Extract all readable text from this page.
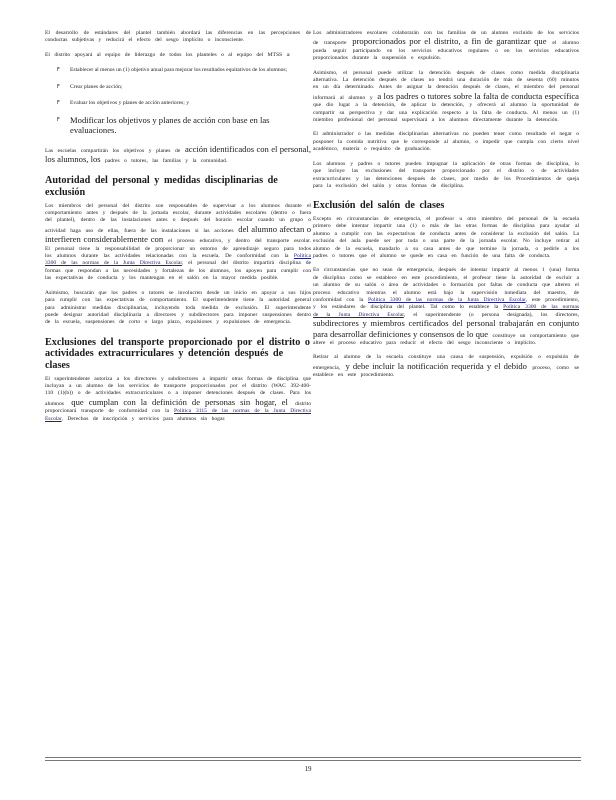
El desarrollo de estándares del plantel también abordará las diferencias en las percepciones de conductas subjetivas y reducirá el efecto del sesgo implícito o inconsciente.

El distrito apoyará al equipo de liderazgo de todos los planteles o al equipo del MTSS a:

F Establecer al menos un (1) objetivo anual para mejorar los resultados equitativos de los alumnos;
F Crear planes de acción;
F Evaluar los objetivos y planes de acción anteriores; y
F Modificar los objetivos y planes de acción con base en las evaluaciones.

Las escuelas compartirán los objetivos y planes de acción identificados con el personal, los alumnos, los padres o tutores, las familias y la comunidad.

Autoridad del personal y medidas disciplinarias de exclusión

Los miembros del personal del distrito son responsables de supervisar a los alumnos durante el comportamiento antes y después de la jornada escolar, durante actividades escolares (dentro o fuera del plantel), dentro de las instalaciones antes o después del horario escolar cuando un grupo o actividad haga uso de ellas, fuera de las instalaciones si las acciones del alumno afectan o interfieren considerablemente con el proceso educativo, y dentro del transporte escolar. El personal tiene la responsabilidad de proporcionar un entorno de aprendizaje seguro para todos los alumnos durante las actividades relacionadas con la escuela. De conformidad con la Política 3300 de las normas de la Junta Directiva Escolar, el personal del distrito impartirá disciplina de formas que respondan a las necesidades y fortalezas de los alumnos, los apoyen para cumplir con las expectativas de conducta y los mantengan en el salón en la mayor medida posible.

Asimismo, buscarán que los padres o tutores se involucren desde un inicio en apoyar a sus hijos para cumplir con las expectativas de comportamiento. El superintendente tiene la autoridad general para administrar medidas disciplinarias, incluyendo toda medida de exclusión. El superintendente puede designar autoridad disciplinaria a directores y subdirectores para imponer suspensiones dentro de la escuela, suspensiones de corto o largo plazo, expulsiones y expulsiones de emergencia.

Exclusiones del transporte proporcionado por el distrito o actividades extracurriculares y detención después de clases

El superintendente autoriza a los directores y subdirectores a impartir otras formas de disciplina que incluyan a un alumno de los servicios de transporte proporcionados por el distrito (WAC 392-400-110 (1)(b)) o de actividades extracurriculares o a imponer detenciones después de clases. Para los alumnos que cumplan con la definición de personas sin hogar, el distrito proporcionará transporte de conformidad con la Política 3115 de las normas de la Junta Directiva Escolar, Derechos de inscripción y servicios para alumnos sin hogar.

Los administradores escolares colaborarán con las familias de un alumno excluido de los servicios de transporte proporcionados por el distrito, a fin de garantizar que el alumno pueda seguir participando en los servicios educativos regulares o en los servicios educativos proporcionados durante la suspensión o expulsión.

Asimismo, el personal puede utilizar la detención después de clases como medida disciplinaria alternativa. La detención después de clases no tendrá una duración de más de sesenta (60) minutos en un día determinado. Antes de asignar la detención después de clases, el miembro del personal informará al alumno y a los padres o tutores sobre la falta de conducta específica que dio lugar a la detención, de aplicar la detención, y ofrecerá al alumno la oportunidad de compartir su perspectiva y dar una explicación respecto a la falta de conducta. Al menos un (1) miembro profesional del personal supervisará a los alumnos directamente durante la detención.

El administrador o las medidas disciplinarias alternativas no pueden tener como resultado el negar o posponer la comida nutritiva que le corresponde al alumno, o impedir que cumpla con cierto nivel académico, materia o requisito de graduación.

Los alumnos y padres o tutores pueden impugnar la aplicación de otras formas de disciplina, lo que incluye las exclusiones del transporte proporcionado por el distrito o de actividades extracurriculares y las detenciones después de clases, por medio de los Procedimientos de queja para la exclusión del salón y otras formas de disciplina.

Exclusión del salón de clases

Excepto en circunstancias de emergencia, el profesor u otro miembro del personal de la escuela primero debe intentar impartir una (1) o más de las otras formas de disciplina para ayudar al alumno a cumplir con las expectativas de conducta antes de considerar la exclusión del salón. La exclusión del aula puede ser por toda o una parte de la jornada escolar. No incluye retirar al alumno de la escuela, mandarlo a su casa antes de que termine la jornada, o pedirle a los padres o tutores que el alumno se quede en casa en función de una falta de conducta.

En circunstancias que no sean de emergencia, después de intentar impartir al menos 1 (una) forma de disciplina como se establece en este procedimiento, el profesor tiene la autoridad de excluir a un alumno de su salón o área de actividades o formación por faltas de conducta que alteren el proceso educativo mientras el alumno está bajo la supervisión inmediata del maestro, de conformidad con la Política 3300 de las normas de la Junta Directiva Escolar, este procedimiento, y los estándares de disciplina del plantel. Tal como lo establece la Política 3300 de las normas de la Junta Directiva Escolar, el superintendente (o persona designada), los directores, subdirectores y miembros certificados del personal trabajarán en conjunto para desarrollar definiciones y consensos de lo que constituye un comportamiento que altere el proceso educativo para reducir el efecto del sesgo inconsciente o implícito.

Retirar al alumno de la escuela constituye una causa de suspensión, expulsión o expulsión de emergencia, y debe incluir la notificación requerida y el debido proceso, como se establece en este procedimiento.

19
